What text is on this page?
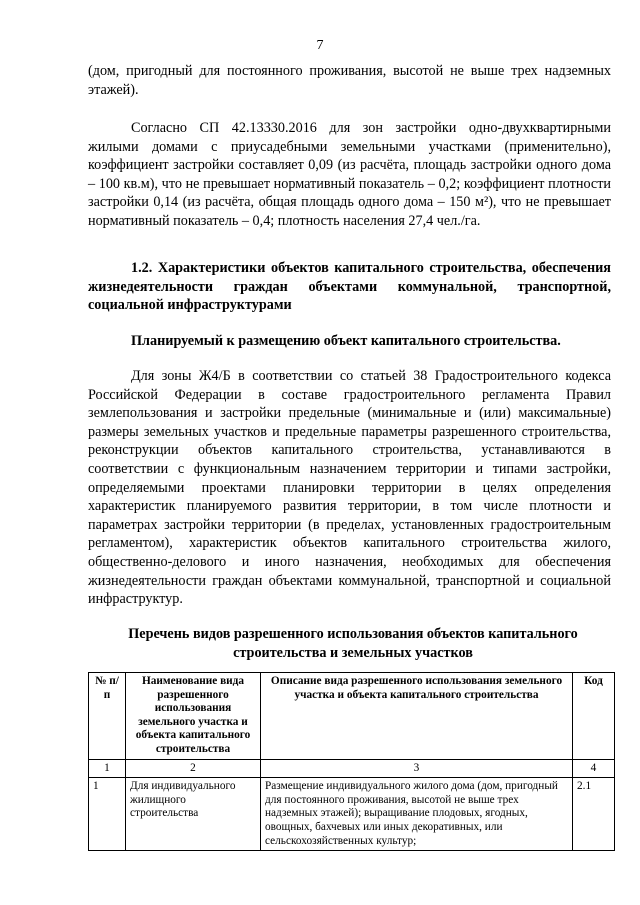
7

(дом, пригодный для постоянного проживания, высотой не выше трех надземных этажей).

Согласно СП 42.13330.2016 для зон застройки одно-двухквартирными жилыми домами с приусадебными земельными участками (применительно), коэффициент застройки составляет 0,09 (из расчёта, площадь застройки одного дома – 100 кв.м), что не превышает нормативный показатель – 0,2; коэффициент плотности застройки 0,14 (из расчёта, общая площадь одного дома – 150 м²), что не превышает нормативный показатель – 0,4; плотность населения 27,4 чел./га.

1.2. Характеристики объектов капитального строительства, обеспечения жизнедеятельности граждан объектами коммунальной, транспортной, социальной инфраструктурами

Планируемый к размещению объект капитального строительства.

Для зоны Ж4/Б в соответствии со статьей 38 Градостроительного кодекса Российской Федерации в составе градостроительного регламента Правил землепользования и застройки предельные (минимальные и (или) максимальные) размеры земельных участков и предельные параметры разрешенного строительства, реконструкции объектов капитального строительства, устанавливаются в соответствии с функциональным назначением территории и типами застройки, определяемыми проектами планировки территории в целях определения характеристик планируемого развития территории, в том числе плотности и параметрах застройки территории (в пределах, установленных градостроительным регламентом), характеристик объектов капитального строительства жилого, общественно-делового и иного назначения, необходимых для обеспечения жизнедеятельности граждан объектами коммунальной, транспортной и социальной инфраструктур.

Перечень видов разрешенного использования объектов капитального строительства и земельных участков

№ п/п	Наименование вида разрешенного использования земельного участка и объекта капитального строительства	Описание вида разрешенного использования земельного участка и объекта капитального строительства	Код
1	2	3	4
1	Для индивидуального жилищного строительства	Размещение индивидуального жилого дома (дом, пригодный для постоянного проживания, высотой не выше трех надземных этажей); выращивание плодовых, ягодных, овощных, бахчевых или иных декоративных, или сельскохозяйственных культур;	2.1
